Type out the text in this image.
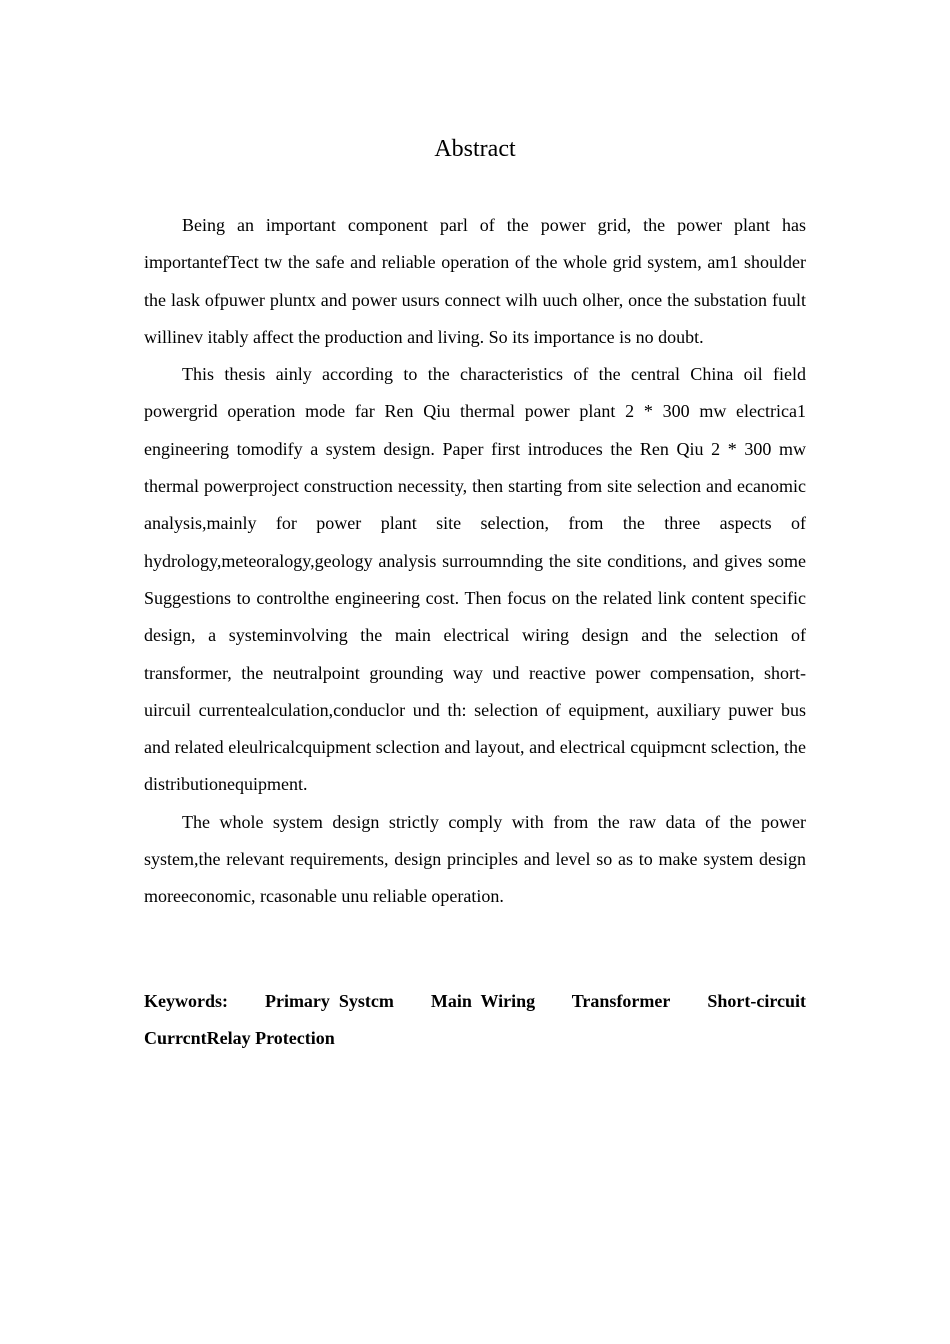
Abstract

Being an important component parl of the power grid, the power plant has importantefTect tw the safe and reliable operation of the whole grid system, am1 shoulder the lask ofpuwer pluntx and power usurs connect wilh uuch olher, once the substation fuult willinev itably affect the production and living. So its importance is no doubt.

This thesis ainly according to the characteristics of the central China oil field powergrid operation mode far Ren Qiu thermal power plant 2 * 300 mw electrica1 engineering tomodify a system design. Paper first introduces the Ren Qiu 2 * 300 mw thermal powerproject construction necessity, then starting from site selection and ecanomic analysis,mainly for power plant site selection, from the three aspects of hydrology,meteoralogy,geology analysis surroumnding the site conditions, and gives some Suggestions to controlthe engineering cost. Then focus on the related link content specific design, a systeminvolving the main electrical wiring design and the selection of transformer, the neutralpoint grounding way und reactive power compensation, short-uircuil currentealculation,conduclor und th: selection of equipment, auxiliary puwer bus and related eleulricalcquipment sclection and layout, and electrical cquipmcnt sclection, the distributionequipment.

The whole system design strictly comply with from the raw data of the power system,the relevant requirements, design principles and level so as to make system design moreeconomic, rcasonable unu reliable operation.

Keywords: Primary Systcm Main Wiring Transformer Short-circuit CurrcntRelay Protection
